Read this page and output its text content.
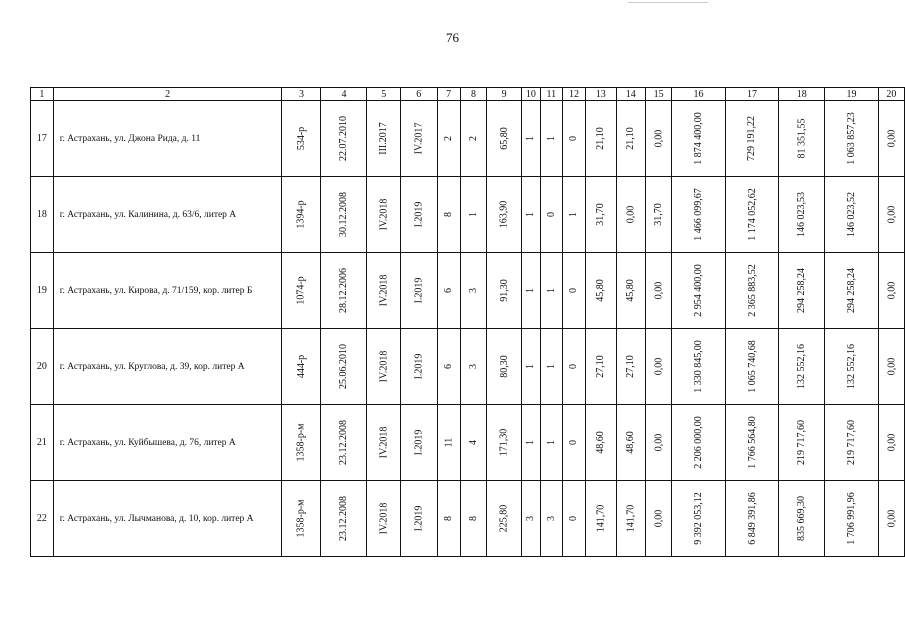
76
1	2	3	4	5	6	7	8	9	10	11	12	13	14	15	16	17	18	19	20
17	г. Астрахань, ул. Джона Рида, д. 11	534-р	22.07.2010	III.2017	IV.2017	2	2	65,80	1	1	0	21,10	21,10	0,00	1 874 400,00	729 191,22	81 351,55	1 063 857,23	0,00
18	г. Астрахань, ул. Калинина, д. 63/6, литер А	1394-р	30.12.2008	IV.2018	I.2019	8	1	163,90	1	0	1	31,70	0,00	31,70	1 466 099,67	1 174 052,62	146 023,53	146 023,52	0,00
19	г. Астрахань, ул. Кирова, д. 71/159, кор. литер Б	1074-р	28.12.2006	IV.2018	I.2019	6	3	91,30	1	1	0	45,80	45,80	0,00	2 954 400,00	2 365 883,52	294 258,24	294 258,24	0,00
20	г. Астрахань, ул. Круглова, д. 39, кор. литер А	444-р	25.06.2010	IV.2018	I.2019	6	3	80,30	1	1	0	27,10	27,10	0,00	1 330 845,00	1 065 740,68	132 552,16	132 552,16	0,00
21	г. Астрахань, ул. Куйбышева, д. 76, литер А	1358-р-м	23.12.2008	IV.2018	I.2019	11	4	171,30	1	1	0	48,60	48,60	0,00	2 206 000,00	1 766 564,80	219 717,60	219 717,60	0,00
22	г. Астрахань, ул. Лычманова, д. 10, кор. литер А	1358-р-м	23.12.2008	IV.2018	I.2019	8	8	225,80	3	3	0	141,70	141,70	0,00	9 392 053,12	6 849 391,86	835 669,30	1 706 991,96	0,00
